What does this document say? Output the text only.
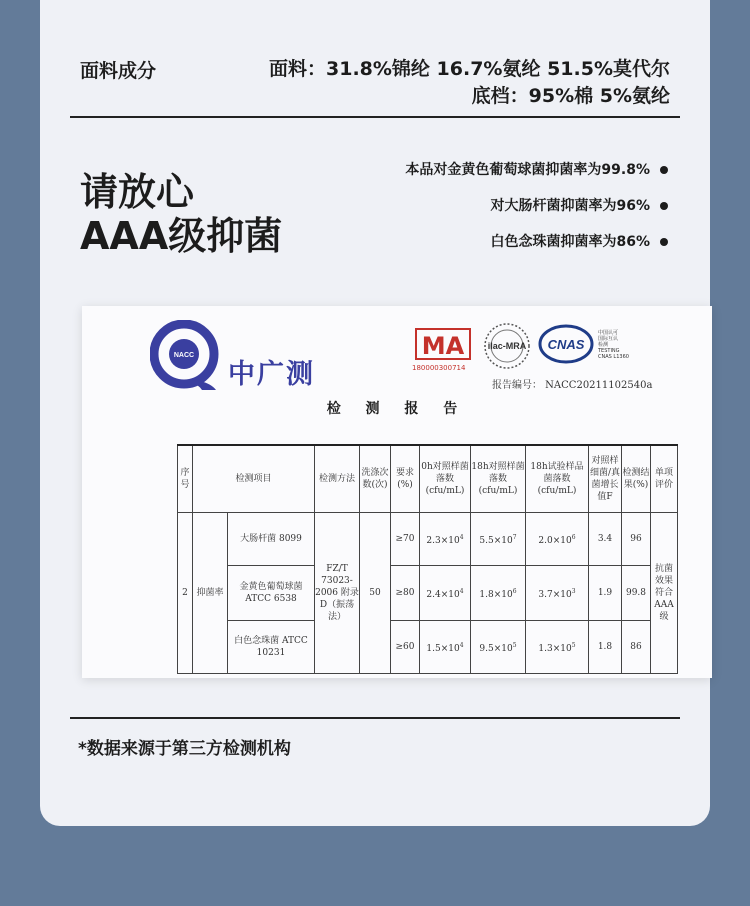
面料成分	面料：31.8%锦纶 16.7%氨纶 51.5%莫代尔
底档：95%棉 5%氨纶
请放心
AAA级抑菌
本品对金黄色葡萄球菌抑菌率为99.8%
对大肠杆菌抑菌率为96%
白色念珠菌抑菌率为86%
NACC
中广测
MA
180000300714
ilac-MRA CNAS
中国认可
国际互认
检测
TESTING
CNAS L1360
报告编号： NACC20211102540a
检 测 报 告
序号	检测项目		检测方法	洗涤次数(次)	要求(%)	0h对照样菌落数(cfu/mL)	18h对照样菌落数(cfu/mL)	18h试验样品菌落数(cfu/mL)	对照样细菌/真菌增长值F	检测结果(%)	单项评价
2	抑菌率	大肠杆菌 8099	FZ/T 73023-2006 附录D（振荡法）	50	≥70	$2.3\times 10^4$	$5.5\times 10^7$	$2.0\times 10^6$	3.4	96	抗菌效果符合AAA级
		金黄色葡萄球菌 ATCC 6538			≥80	$2.4\times 10^4$	$1.8\times 10^6$	$3.7\times 10^3$	1.9	99.8	
		白色念珠菌 ATCC 10231			≥60	$1.5\times 10^4$	$9.5\times 10^5$	$1.3\times 10^5$	1.8	86	
*数据来源于第三方检测机构
